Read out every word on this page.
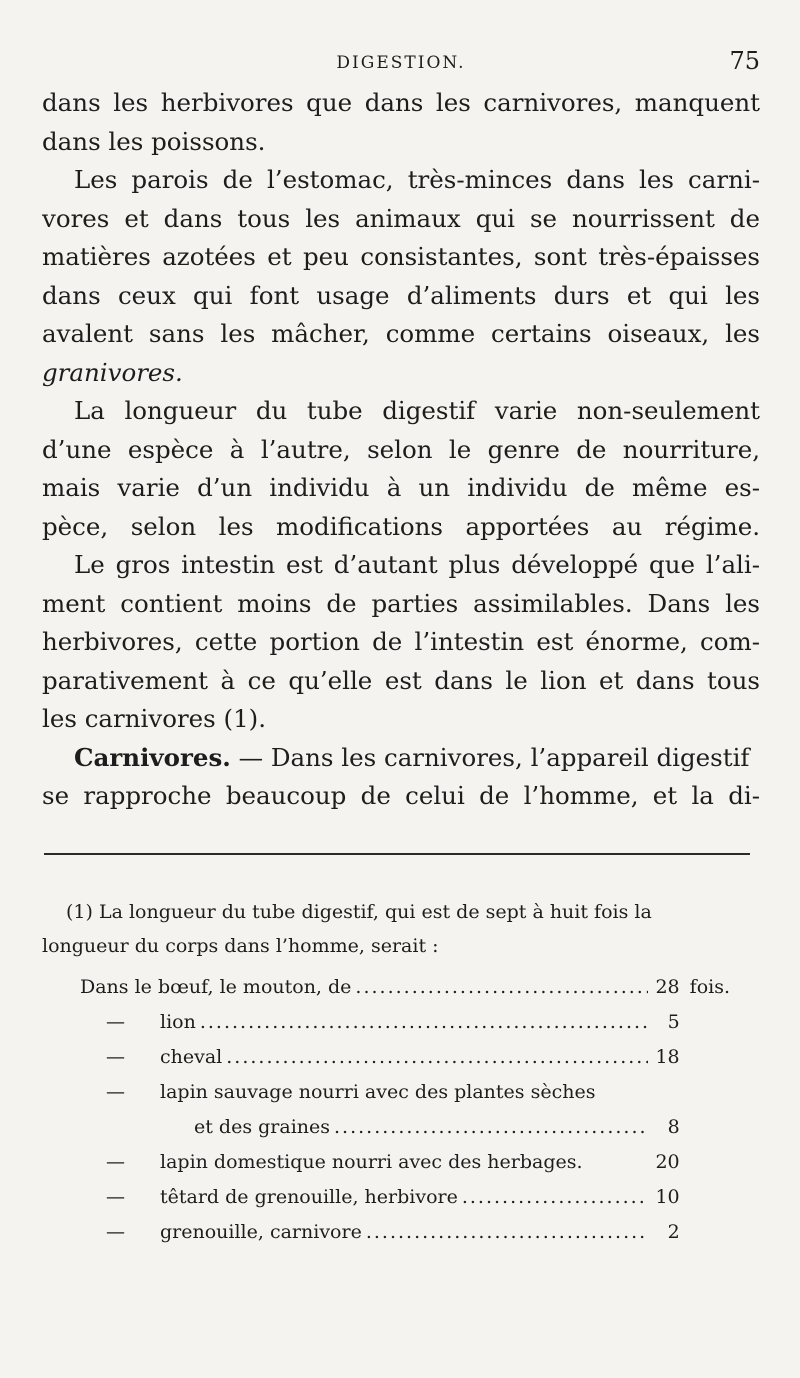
DIGESTION.	75
dans les herbivores que dans les carnivores, manquent
dans les poissons.
Les parois de l’estomac, très-minces dans les carni-
vores et dans tous les animaux qui se nourrissent de
matières azotées et peu consistantes, sont très-épaisses
dans ceux qui font usage d’aliments durs et qui les
avalent sans les mâcher, comme certains oiseaux, les
granivores.
La longueur du tube digestif varie non-seulement
d’une espèce à l’autre, selon le genre de nourriture,
mais varie d’un individu à un individu de même es-
pèce, selon les modifications apportées au régime.
Le gros intestin est d’autant plus développé que l’ali-
ment contient moins de parties assimilables. Dans les
herbivores, cette portion de l’intestin est énorme, com-
parativement à ce qu’elle est dans le lion et dans tous
les carnivores (1).
Carnivores. — Dans les carnivores, l’appareil digestif
se rapproche beaucoup de celui de l’homme, et la di-
(1) La longueur du tube digestif, qui est de sept à huit fois la
longueur du corps dans l’homme, serait :
Dans le bœuf, le mouton, de .....	28 fois.
—	lion .....	5
—	cheval .....	18
—	lapin sauvage nourri avec des plantes sèches
et des graines .....	8
—	lapin domestique nourri avec des herbages.	20
—	têtard de grenouille, herbivore .....	10
—	grenouille, carnivore .....	2
